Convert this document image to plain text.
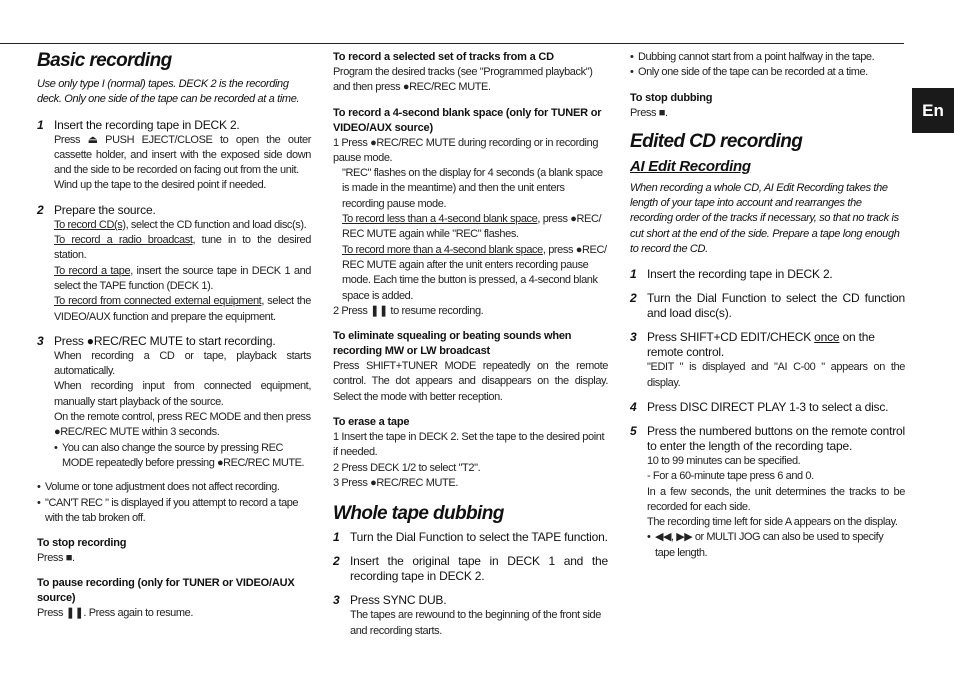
En
Basic recording
Use only type I (normal) tapes. DECK 2 is the recording deck. Only one side of the tape can be recorded at a time.
1 Insert the recording tape in DECK 2.
Press ⏏ PUSH EJECT/CLOSE to open the outer cassette holder, and insert with the exposed side down and the side to be recorded on facing out from the unit.
Wind up the tape to the desired point if needed.
2 Prepare the source.
To record CD(s), select the CD function and load disc(s).
To record a radio broadcast, tune in to the desired station.
To record a tape, insert the source tape in DECK 1 and select the TAPE function (DECK 1).
To record from connected external equipment, select the VIDEO/AUX function and prepare the equipment.
3 Press ●REC/REC MUTE to start recording.
When recording a CD or tape, playback starts automatically.
When recording input from connected equipment, manually start playback of the source.
On the remote control, press REC MODE and then press ●REC/REC MUTE within 3 seconds.
• You can also change the source by pressing REC MODE repeatedly before pressing ●REC/REC MUTE.
• Volume or tone adjustment does not affect recording.
• "CAN'T REC " is displayed if you attempt to record a tape with the tab broken off.
To stop recording
Press ■.
To pause recording (only for TUNER or VIDEO/AUX source)
Press ❚❚. Press again to resume.
To record a selected set of tracks from a CD
Program the desired tracks (see "Programmed playback") and then press ●REC/REC MUTE.
To record a 4-second blank space (only for TUNER or VIDEO/AUX source)
1 Press ●REC/REC MUTE during recording or in recording pause mode.
"REC" flashes on the display for 4 seconds (a blank space is made in the meantime) and then the unit enters recording pause mode.
To record less than a 4-second blank space, press ●REC/ REC MUTE again while "REC" flashes.
To record more than a 4-second blank space, press ●REC/ REC MUTE again after the unit enters recording pause mode. Each time the button is pressed, a 4-second blank space is added.
2 Press ❚❚ to resume recording.
To eliminate squealing or beating sounds when recording MW or LW broadcast
Press SHIFT+TUNER MODE repeatedly on the remote control. The dot appears and disappears on the display. Select the mode with better reception.
To erase a tape
1 Insert the tape in DECK 2. Set the tape to the desired point if needed.
2 Press DECK 1/2 to select "T2".
3 Press ●REC/REC MUTE.
Whole tape dubbing
1 Turn the Dial Function to select the TAPE function.
2 Insert the original tape in DECK 1 and the recording tape in DECK 2.
3 Press SYNC DUB.
The tapes are rewound to the beginning of the front side and recording starts.
• Dubbing cannot start from a point halfway in the tape.
• Only one side of the tape can be recorded at a time.
To stop dubbing
Press ■.
Edited CD recording
AI Edit Recording
When recording a whole CD, AI Edit Recording takes the length of your tape into account and rearranges the recording order of the tracks if necessary, so that no track is cut short at the end of the side. Prepare a tape long enough to record the CD.
1 Insert the recording tape in DECK 2.
2 Turn the Dial Function to select the CD function and load disc(s).
3 Press SHIFT+CD EDIT/CHECK once on the remote control.
"EDIT " is displayed and "AI C-00 " appears on the display.
4 Press DISC DIRECT PLAY 1-3 to select a disc.
5 Press the numbered buttons on the remote control to enter the length of the recording tape.
10 to 99 minutes can be specified.
- For a 60-minute tape press 6 and 0.
In a few seconds, the unit determines the tracks to be recorded for each side.
The recording time left for side A appears on the display.
• ◀◀, ▶▶ or MULTI JOG can also be used to specify tape length.
